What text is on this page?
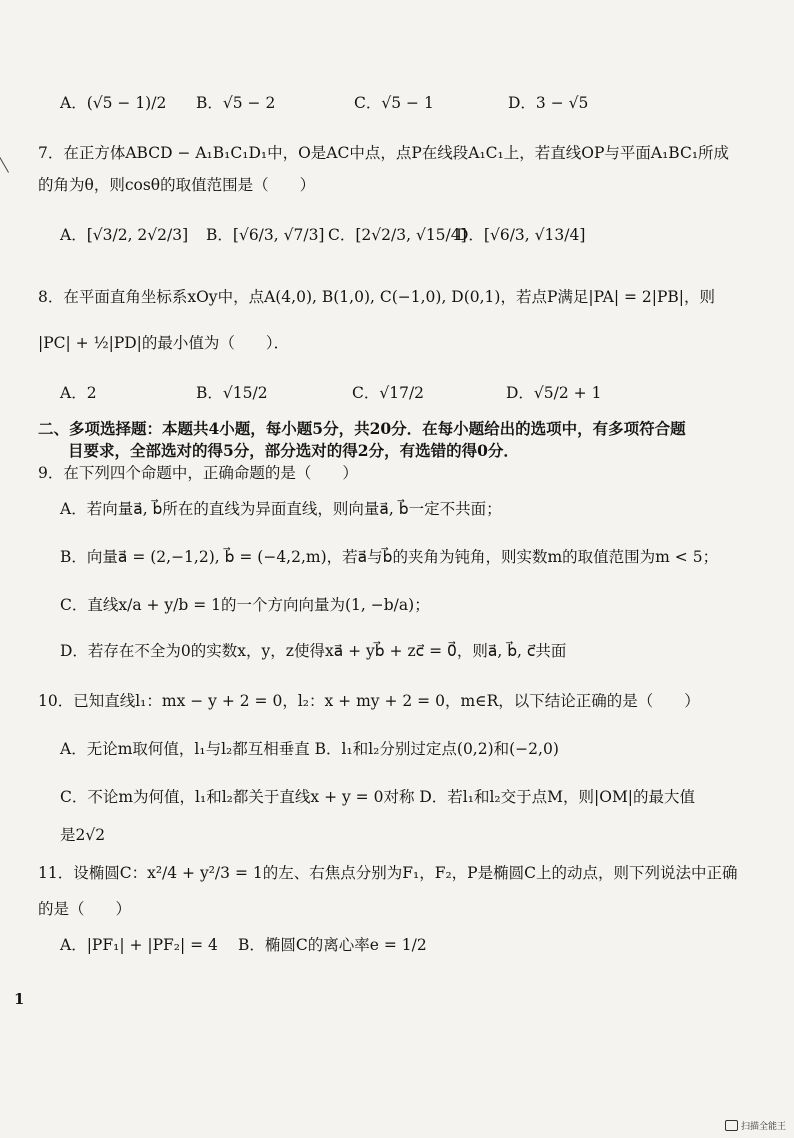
A．(√5 − 1)/2 B．√5 − 2	C．√5 − 1	D．3 − √5
7．在正方体ABCD − A₁B₁C₁D₁中，O是AC中点，点P在线段A₁C₁上，若直线OP与平面A₁BC₁所成
的角为θ，则cosθ的取值范围是（　　）
A．[√3/2, 2√2/3] B．[√6/3, √7/3] C．[2√2/3, √15/4]
D．[√6/3, √13/4]
8．在平面直角坐标系xOy中，点A(4,0), B(1,0), C(−1,0), D(0,1)，若点P满足|PA| = 2|PB|，则
|PC| + ½|PD|的最小值为（　　）．
A．2	B．√15/2	C．√17/2	D．√5/2 + 1
二、多项选择题：本题共4小题，每小题5分，共20分．在每小题给出的选项中，有多项符合题
目要求，全部选对的得5分，部分选对的得2分，有选错的得0分．
9．在下列四个命题中，正确命题的是（　　）
A．若向量a⃗, b⃗所在的直线为异面直线，则向量a⃗, b⃗一定不共面；
B．向量a⃗ = (2,−1,2), b⃗ = (−4,2,m)，若a⃗与b⃗的夹角为钝角，则实数m的取值范围为m < 5；
C．直线x/a + y/b = 1的一个方向向量为(1, −b/a)；
D．若存在不全为0的实数x，y，z使得xa⃗ + yb⃗ + zc⃗ = 0⃗，则a⃗, b⃗, c⃗共面
10．已知直线l₁：mx − y + 2 = 0，l₂：x + my + 2 = 0，m∈R，以下结论正确的是（　　）
A．无论m取何值，l₁与l₂都互相垂直 B．l₁和l₂分别过定点(0,2)和(−2,0)
C．不论m为何值，l₁和l₂都关于直线x + y = 0对称 D．若l₁和l₂交于点M，则|OM|的最大值
是2√2
11．设椭圆C：x²/4 + y²/3 = 1的左、右焦点分别为F₁，F₂，P是椭圆C上的动点，则下列说法中正确
的是（　　）
A．|PF₁| + |PF₂| = 4 B．椭圆C的离心率e = 1/2
1
扫描全能王
